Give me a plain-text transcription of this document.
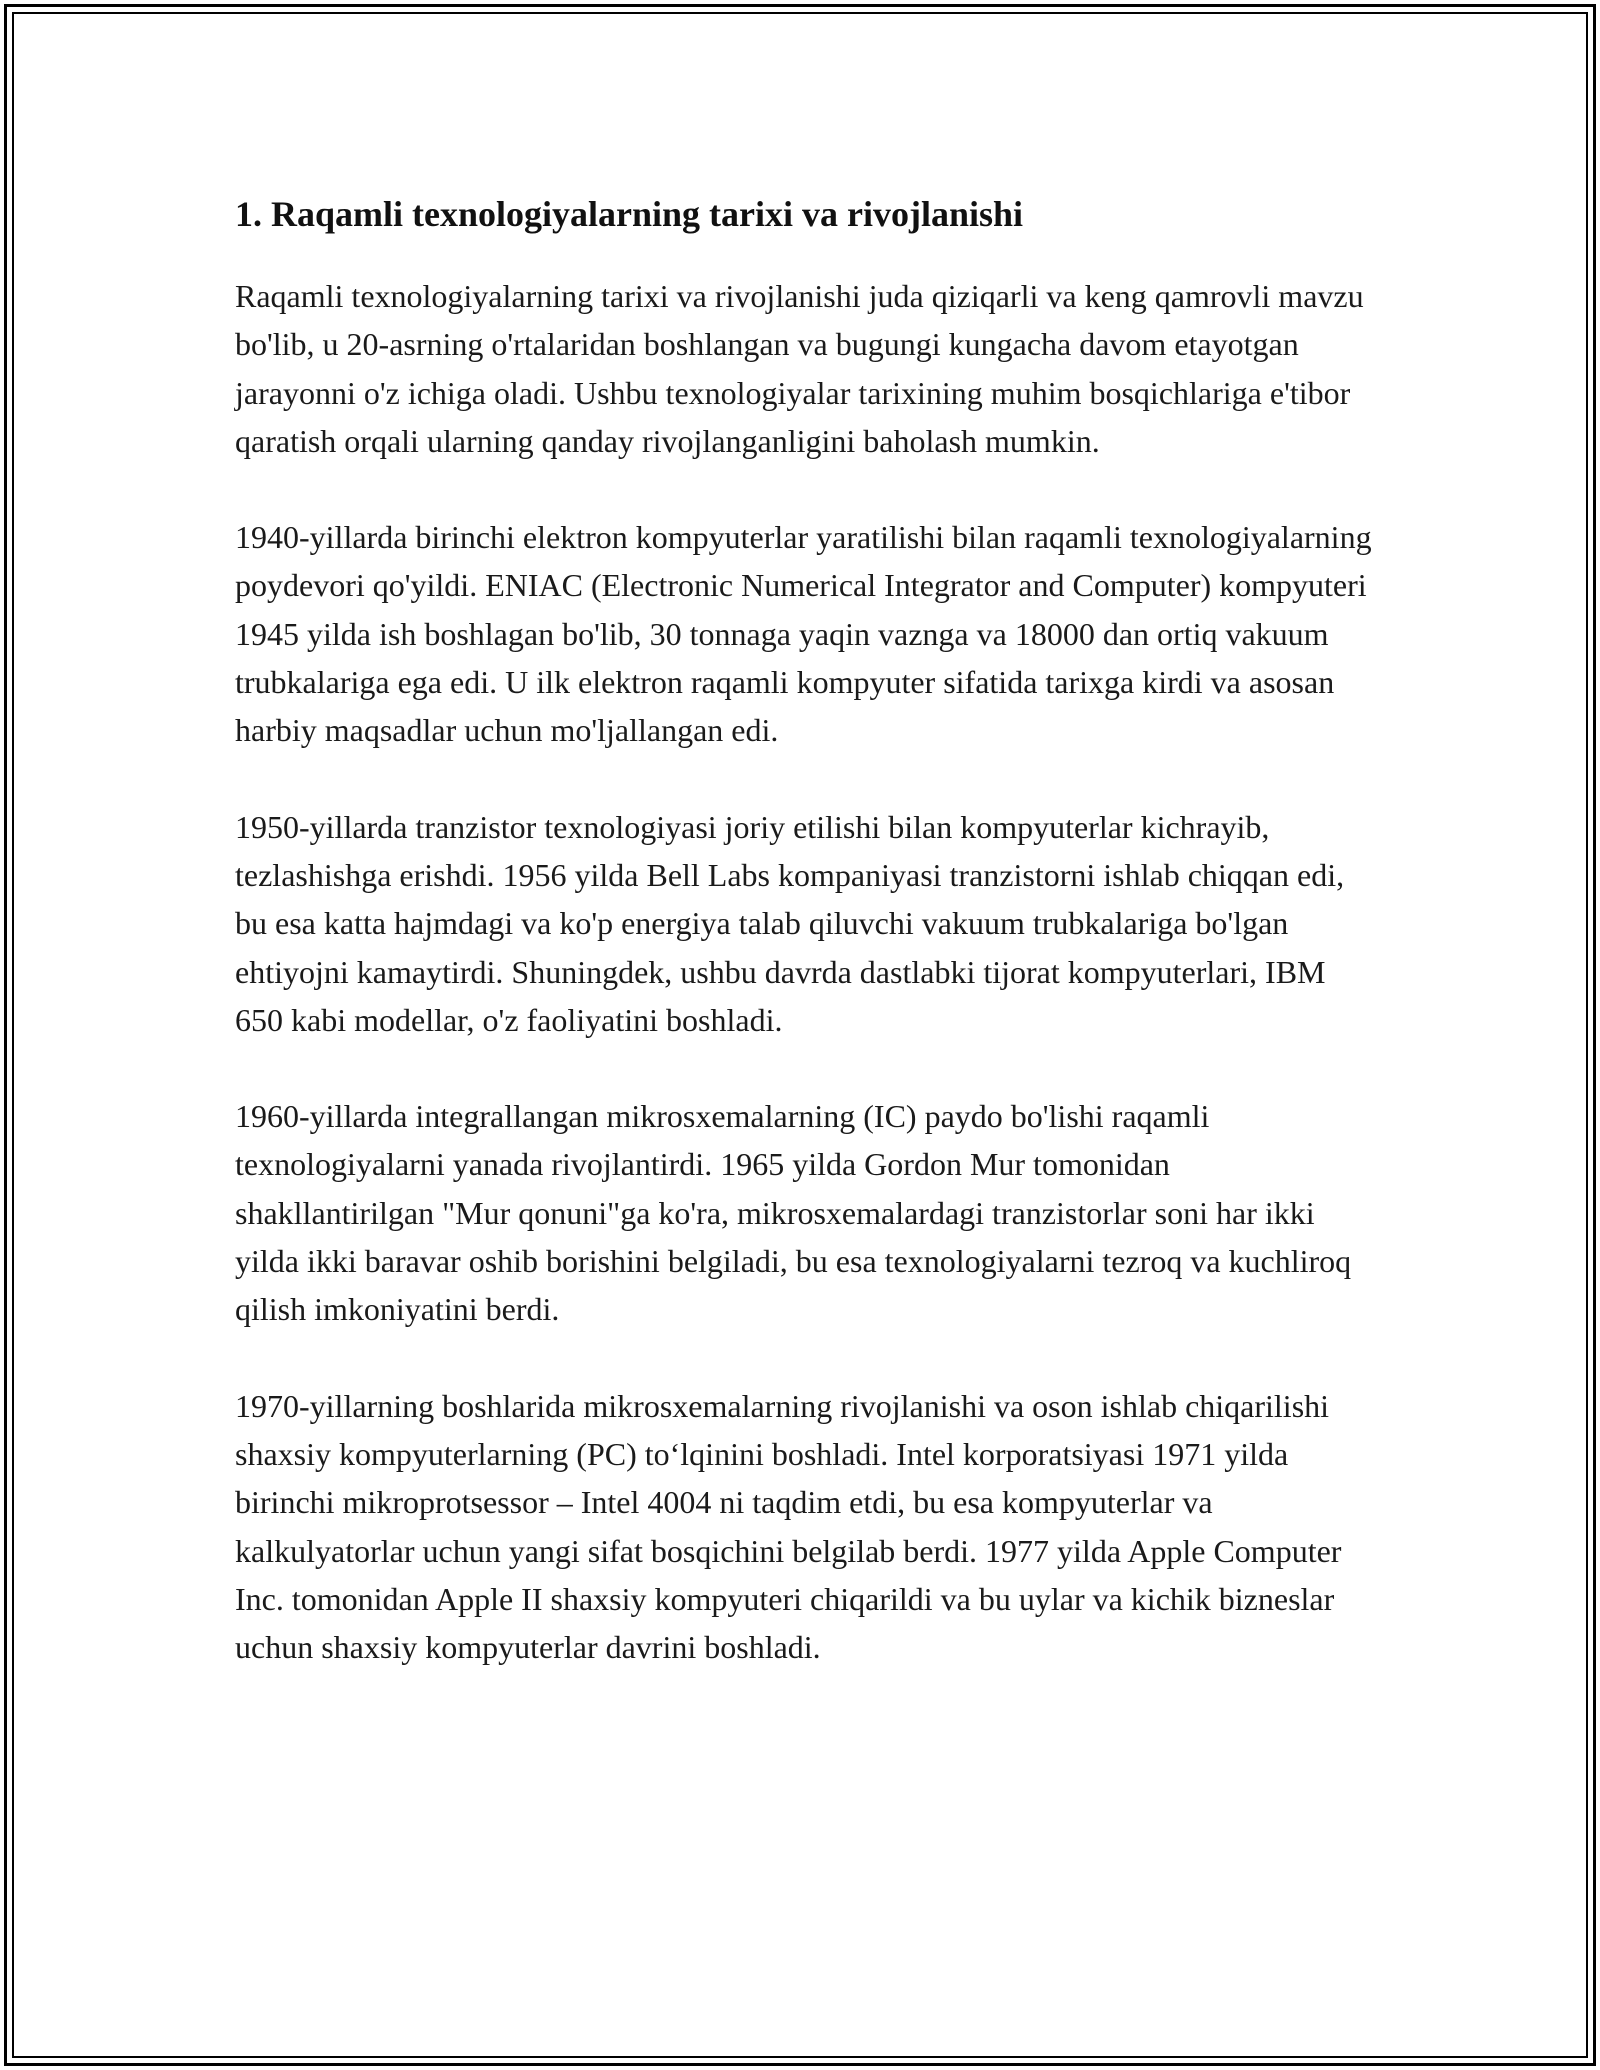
1. Raqamli texnologiyalarning tarixi va rivojlanishi

Raqamli texnologiyalarning tarixi va rivojlanishi juda qiziqarli va keng qamrovli mavzu bo'lib, u 20-asrning o'rtalaridan boshlangan va bugungi kungacha davom etayotgan jarayonni o'z ichiga oladi. Ushbu texnologiyalar tarixining muhim bosqichlariga e'tibor qaratish orqali ularning qanday rivojlanganligini baholash mumkin.

1940-yillarda birinchi elektron kompyuterlar yaratilishi bilan raqamli texnologiyalarning poydevori qo'yildi. ENIAC (Electronic Numerical Integrator and Computer) kompyuteri 1945 yilda ish boshlagan bo'lib, 30 tonnaga yaqin vaznga va 18000 dan ortiq vakuum trubkalariga ega edi. U ilk elektron raqamli kompyuter sifatida tarixga kirdi va asosan harbiy maqsadlar uchun mo'ljallangan edi.

1950-yillarda tranzistor texnologiyasi joriy etilishi bilan kompyuterlar kichrayib, tezlashishga erishdi. 1956 yilda Bell Labs kompaniyasi tranzistorni ishlab chiqqan edi, bu esa katta hajmdagi va ko'p energiya talab qiluvchi vakuum trubkalariga bo'lgan ehtiyojni kamaytirdi. Shuningdek, ushbu davrda dastlabki tijorat kompyuterlari, IBM 650 kabi modellar, o'z faoliyatini boshladi.

1960-yillarda integrallangan mikrosxemalarning (IC) paydo bo'lishi raqamli texnologiyalarni yanada rivojlantirdi. 1965 yilda Gordon Mur tomonidan shakllantirilgan "Mur qonuni"ga ko'ra, mikrosxemalardagi tranzistorlar soni har ikki yilda ikki baravar oshib borishini belgiladi, bu esa texnologiyalarni tezroq va kuchliroq qilish imkoniyatini berdi.

1970-yillarning boshlarida mikrosxemalarning rivojlanishi va oson ishlab chiqarilishi shaxsiy kompyuterlarning (PC) to‘lqinini boshladi. Intel korporatsiyasi 1971 yilda birinchi mikroprotsessor – Intel 4004 ni taqdim etdi, bu esa kompyuterlar va kalkulyatorlar uchun yangi sifat bosqichini belgilab berdi. 1977 yilda Apple Computer Inc. tomonidan Apple II shaxsiy kompyuteri chiqarildi va bu uylar va kichik bizneslar uchun shaxsiy kompyuterlar davrini boshladi.
